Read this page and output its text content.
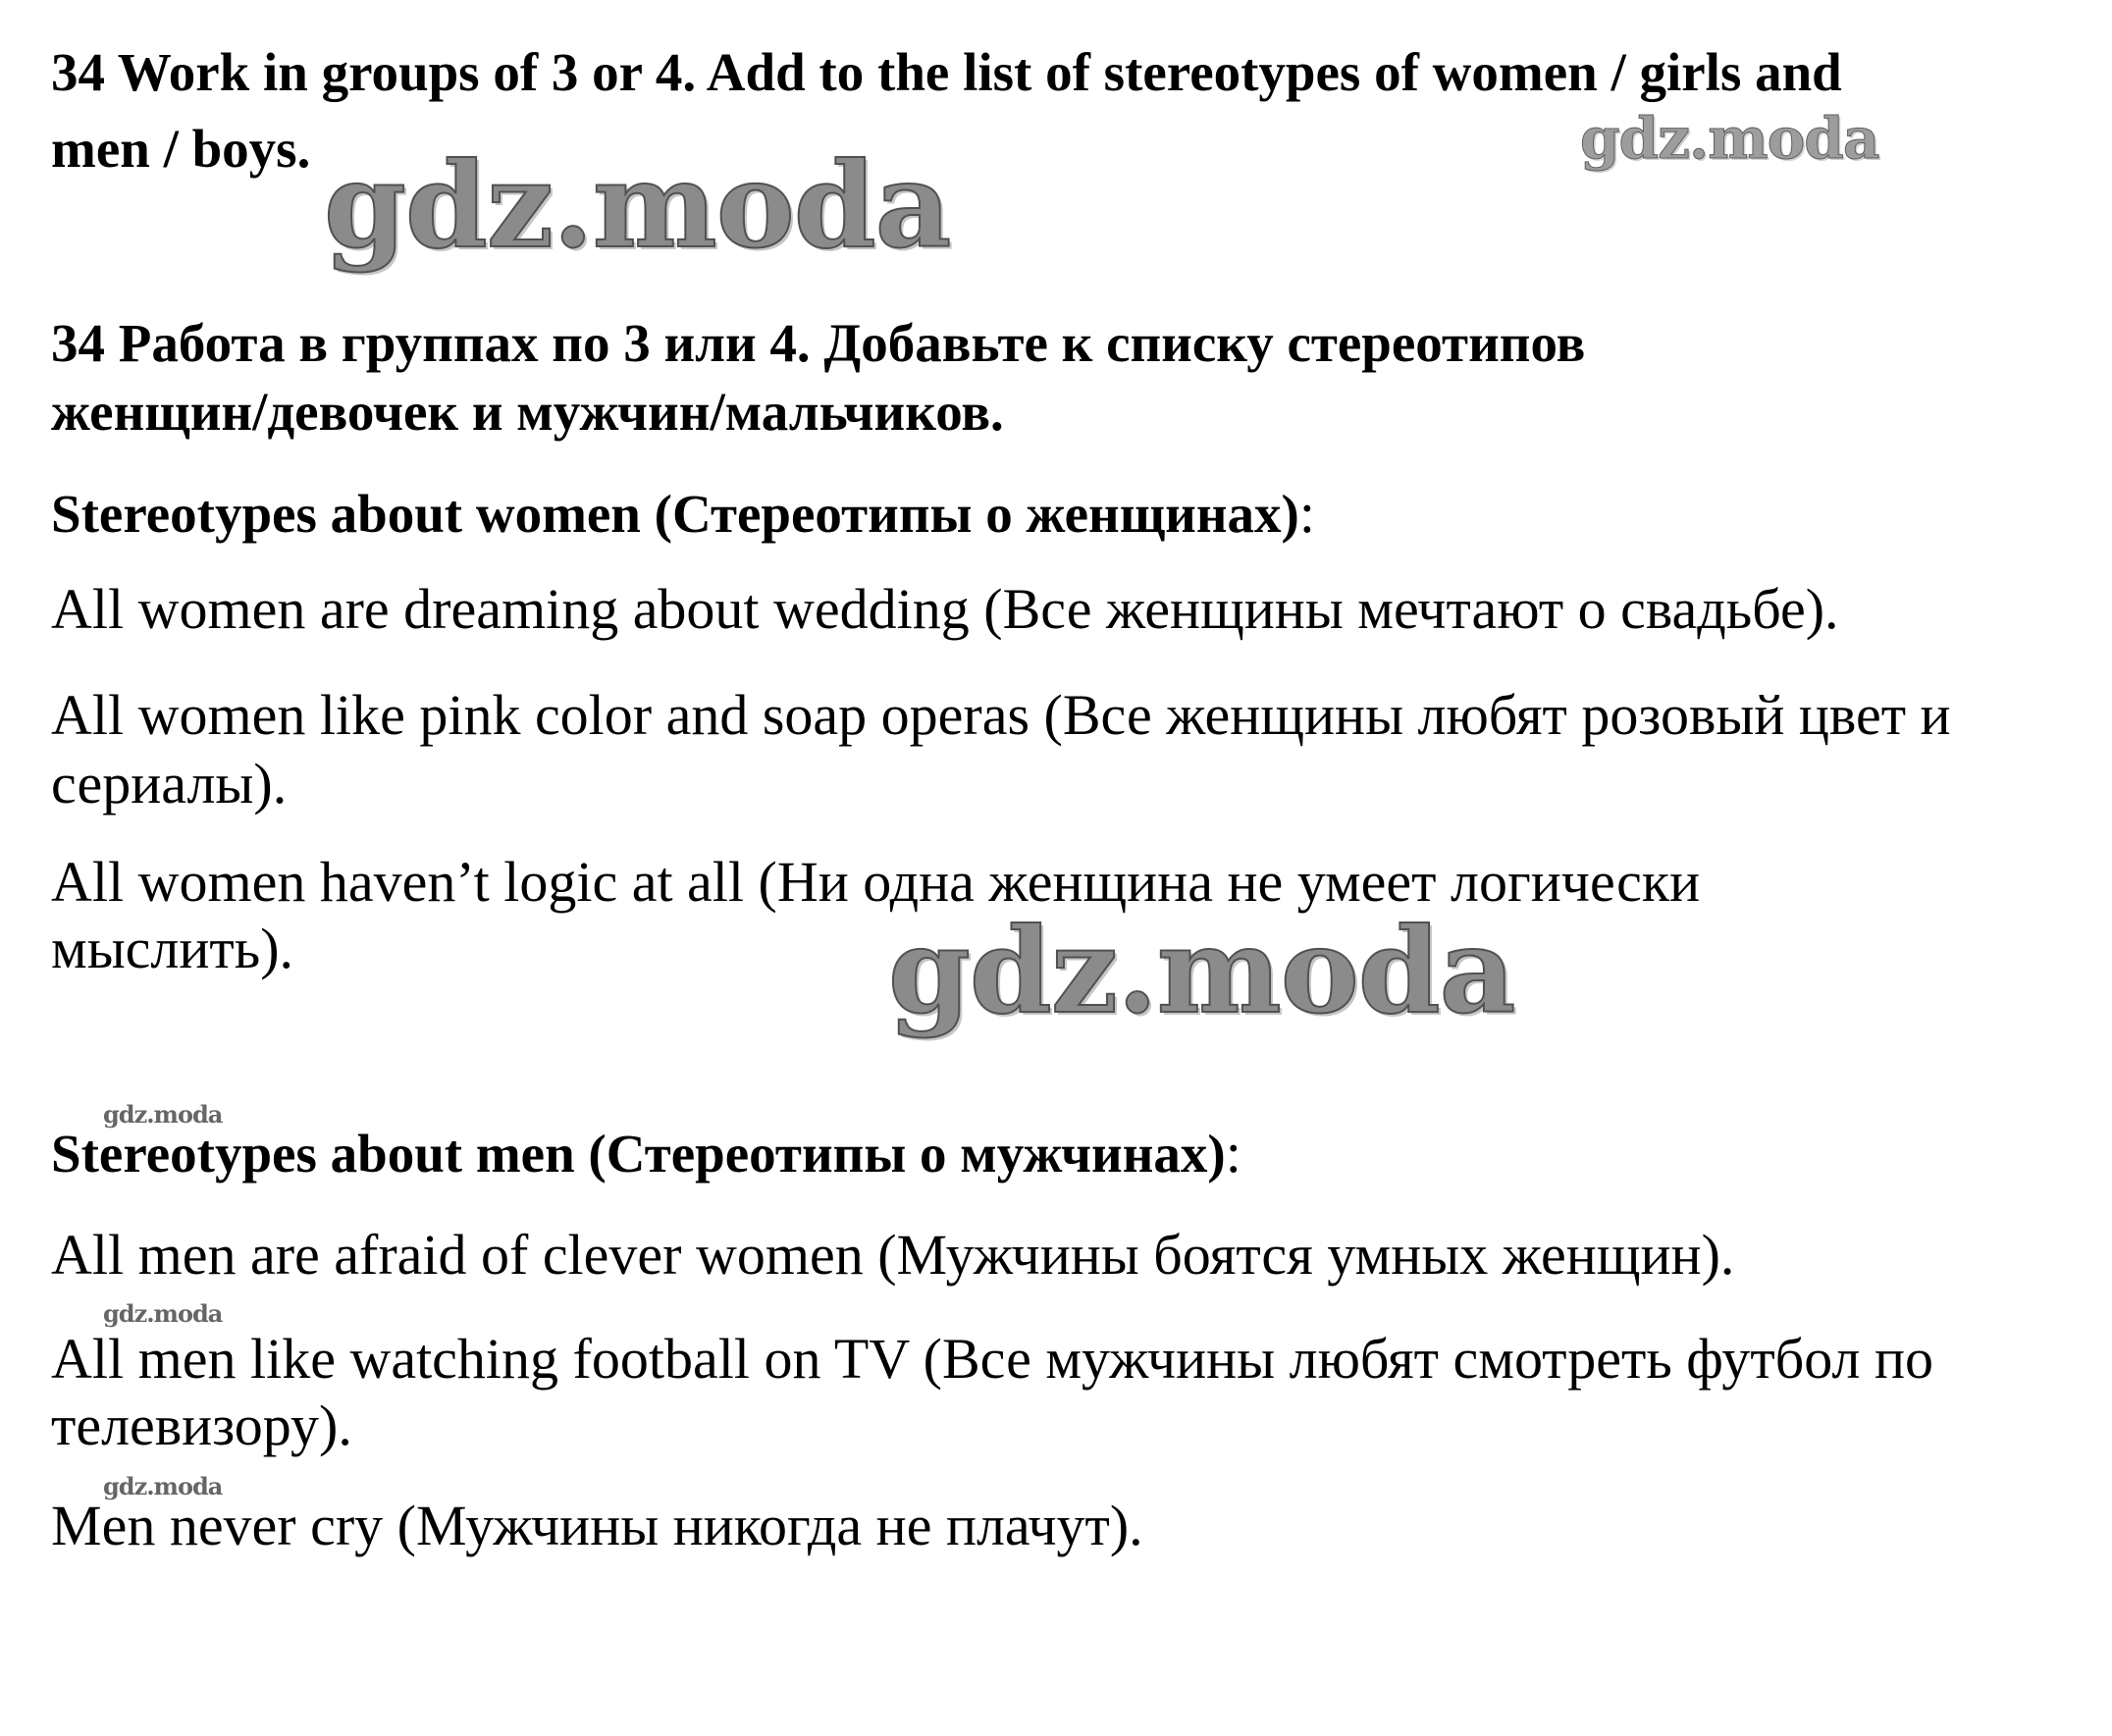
34 Work in groups of 3 or 4. Add to the list of stereotypes of women / girls and
men / boys.
34 Работа в группах по 3 или 4. Добавьте к списку стереотипов
женщин/девочек и мужчин/мальчиков.
Stereotypes about women (Стереотипы о женщинах):
All women are dreaming about wedding (Все женщины мечтают о свадьбе).
All women like pink color and soap operas (Все женщины любят розовый цвет и
сериалы).
All women haven’t logic at all (Ни одна женщина не умеет логически
мыслить).
Stereotypes about men (Стереотипы о мужчинах):
All men are afraid of clever women (Мужчины боятся умных женщин).
All men like watching football on TV (Все мужчины любят смотреть футбол по
телевизору).
Men never cry (Мужчины никогда не плачут).
gdz.moda	gdz.moda
gdz.moda
gdz.moda
gdz.moda
gdz.moda
